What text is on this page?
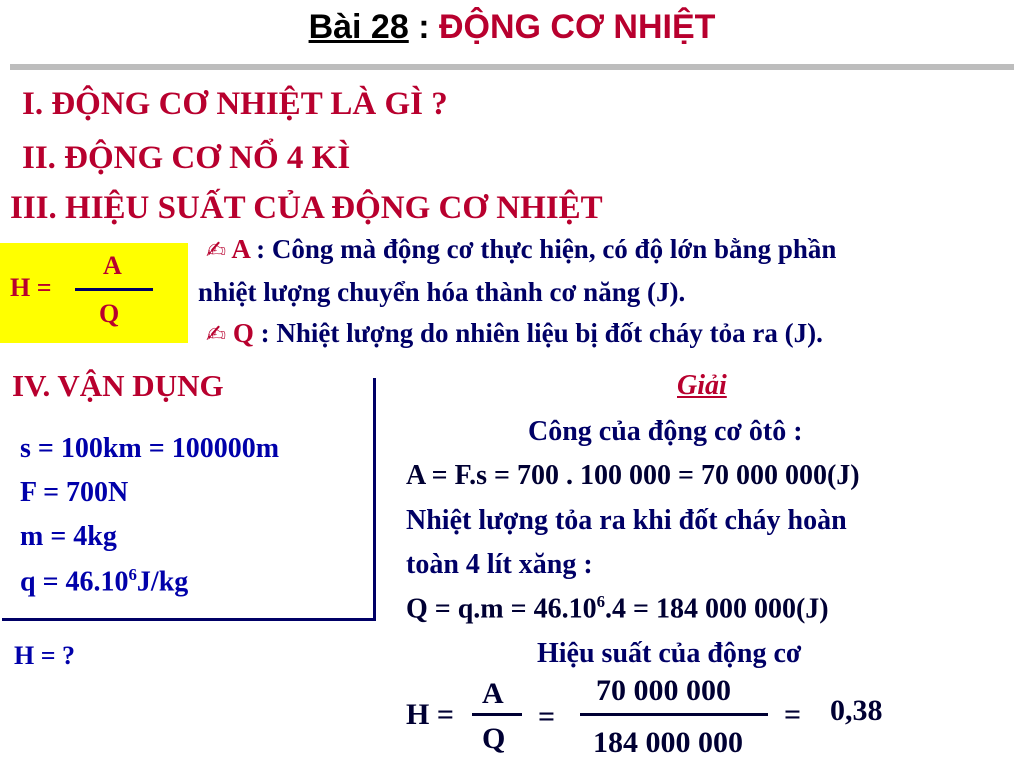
Bài 28 : ĐỘNG CƠ NHIỆT
I. ĐỘNG CƠ NHIỆT LÀ GÌ ?
II. ĐỘNG CƠ NỔ 4 KÌ
III. HIỆU SUẤT CỦA ĐỘNG CƠ NHIỆT
H =
A
Q
✍ A : Công mà động cơ thực hiện, có độ lớn bằng phần
nhiệt lượng chuyển hóa thành cơ năng (J).
✍ Q : Nhiệt lượng do nhiên liệu bị đốt cháy tỏa ra (J).
IV. VẬN DỤNG
s = 100km = 100000m
F = 700N
m = 4kg
$q = 46.10^6J/kg$
H = ?
Giải
Công của động cơ ôtô :
A = F.s = 700 . 100 000 = 70 000 000(J)
Nhiệt lượng tỏa ra khi đốt cháy hoàn
toàn 4 lít xăng :
$Q = q.m = 46.10^6.4 = 184$ 000 000(J)
Hiệu suất của động cơ
H =
A
Q
=
70 000 000
184 000 000
= 0,38
